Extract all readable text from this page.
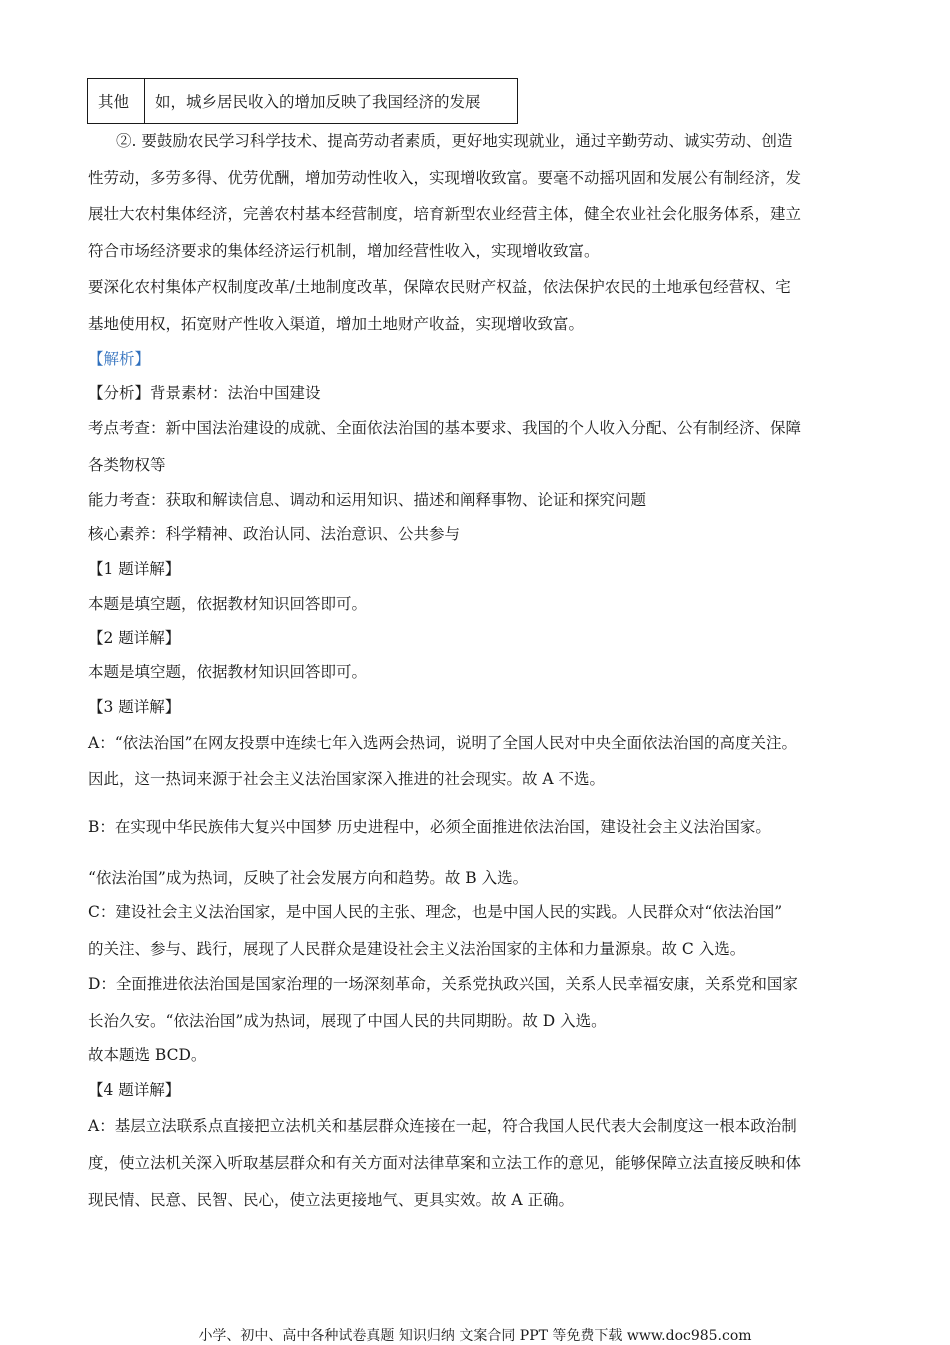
其他	如，城乡居民收入的增加反映了我国经济的发展
②. 要鼓励农民学习科学技术、提高劳动者素质，更好地实现就业，通过辛勤劳动、诚实劳动、创造
性劳动，多劳多得、优劳优酬，增加劳动性收入，实现增收致富。要毫不动摇巩固和发展公有制经济，发
展壮大农村集体经济，完善农村基本经营制度，培育新型农业经营主体，健全农业社会化服务体系，建立
符合市场经济要求的集体经济运行机制，增加经营性收入，实现增收致富。
要深化农村集体产权制度改革/土地制度改革，保障农民财产权益，依法保护农民的土地承包经营权、宅
基地使用权，拓宽财产性收入渠道，增加土地财产收益，实现增收致富。
【解析】
【分析】背景素材：法治中国建设
考点考查：新中国法治建设的成就、全面依法治国的基本要求、我国的个人收入分配、公有制经济、保障
各类物权等
能力考查：获取和解读信息、调动和运用知识、描述和阐释事物、论证和探究问题
核心素养：科学精神、政治认同、法治意识、公共参与
【1 题详解】
本题是填空题，依据教材知识回答即可。
【2 题详解】
本题是填空题，依据教材知识回答即可。
【3 题详解】
A：“依法治国”在网友投票中连续七年入选两会热词，说明了全国人民对中央全面依法治国的高度关注。
因此，这一热词来源于社会主义法治国家深入推进的社会现实。故 A 不选。
B：在实现中华民族伟大复兴中国梦 历史进程中，必须全面推进依法治国，建设社会主义法治国家。
“依法治国”成为热词，反映了社会发展方向和趋势。故 B 入选。
C：建设社会主义法治国家，是中国人民的主张、理念，也是中国人民的实践。人民群众对“依法治国”
的关注、参与、践行，展现了人民群众是建设社会主义法治国家的主体和力量源泉。故 C 入选。
D：全面推进依法治国是国家治理的一场深刻革命，关系党执政兴国，关系人民幸福安康，关系党和国家
长治久安。“依法治国”成为热词，展现了中国人民的共同期盼。故 D 入选。
故本题选 BCD。
【4 题详解】
A：基层立法联系点直接把立法机关和基层群众连接在一起，符合我国人民代表大会制度这一根本政治制
度，使立法机关深入听取基层群众和有关方面对法律草案和立法工作的意见，能够保障立法直接反映和体
现民情、民意、民智、民心，使立法更接地气、更具实效。故 A 正确。
小学、初中、高中各种试卷真题 知识归纳 文案合同 PPT 等免费下载 www.doc985.com
